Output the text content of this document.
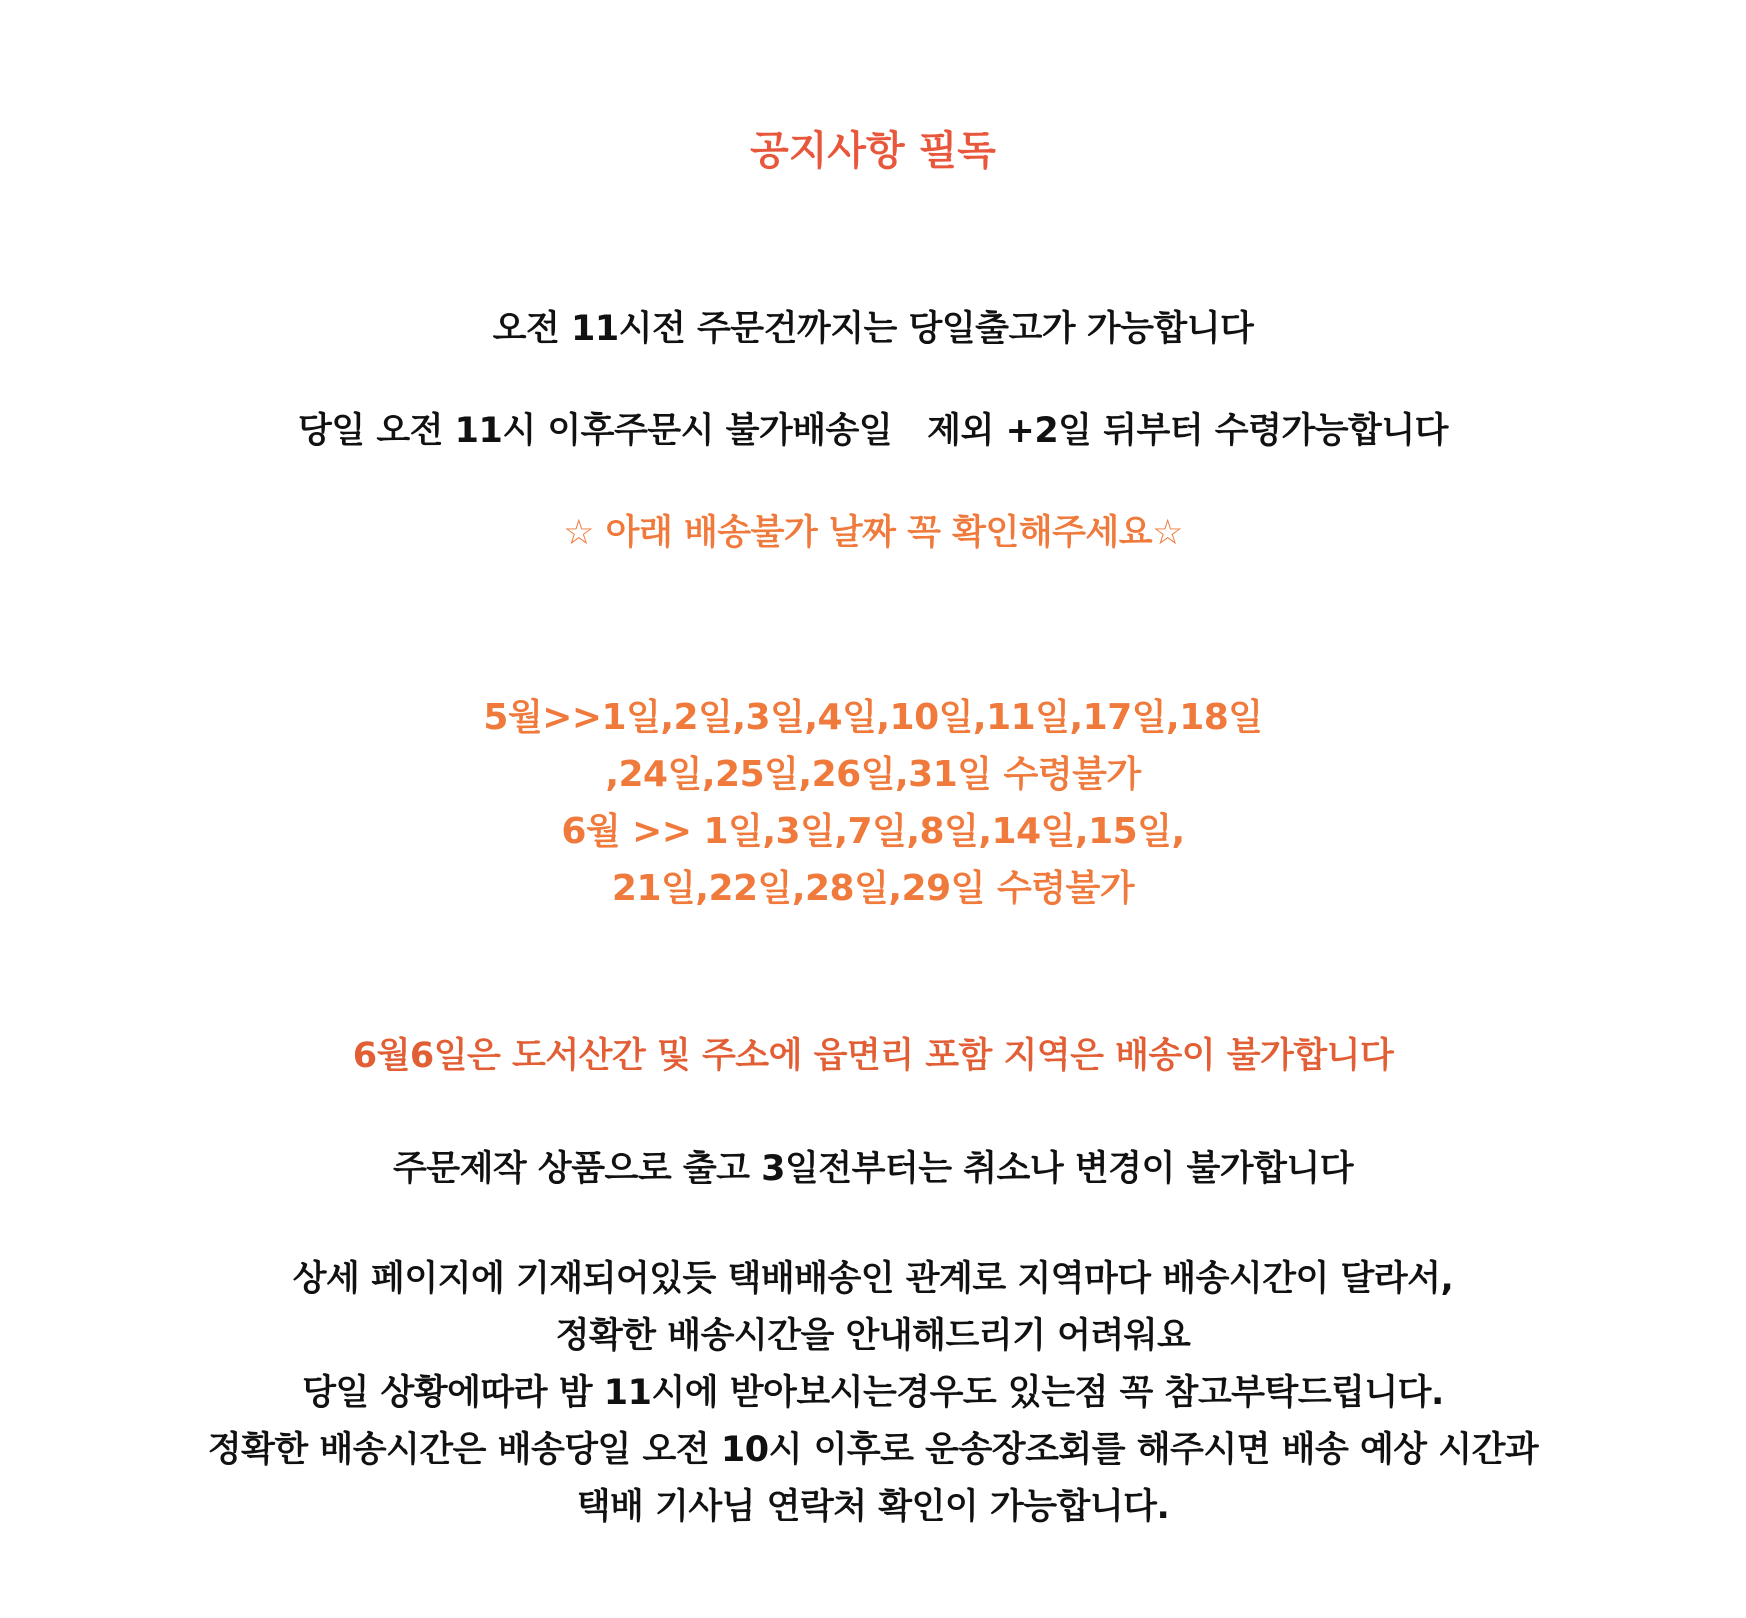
공지사항 필독
오전 11시전 주문건까지는 당일출고가 가능합니다
당일 오전 11시 이후주문시 불가배송일   제외 +2일 뒤부터 수령가능합니다
☆ 아래 배송불가 날짜 꼭 확인해주세요☆
5월>>1일,2일,3일,4일,10일,11일,17일,18일
,24일,25일,26일,31일 수령불가
6월 >> 1일,3일,7일,8일,14일,15일,
21일,22일,28일,29일 수령불가
6월6일은 도서산간 및 주소에 읍면리 포함 지역은 배송이 불가합니다
주문제작 상품으로 출고 3일전부터는 취소나 변경이 불가합니다
상세 페이지에 기재되어있듯 택배배송인 관계로 지역마다 배송시간이 달라서,
정확한 배송시간을 안내해드리기 어려워요
당일 상황에따라 밤 11시에 받아보시는경우도 있는점 꼭 참고부탁드립니다.
정확한 배송시간은 배송당일 오전 10시 이후로 운송장조회를 해주시면 배송 예상 시간과
택배 기사님 연락처 확인이 가능합니다.
